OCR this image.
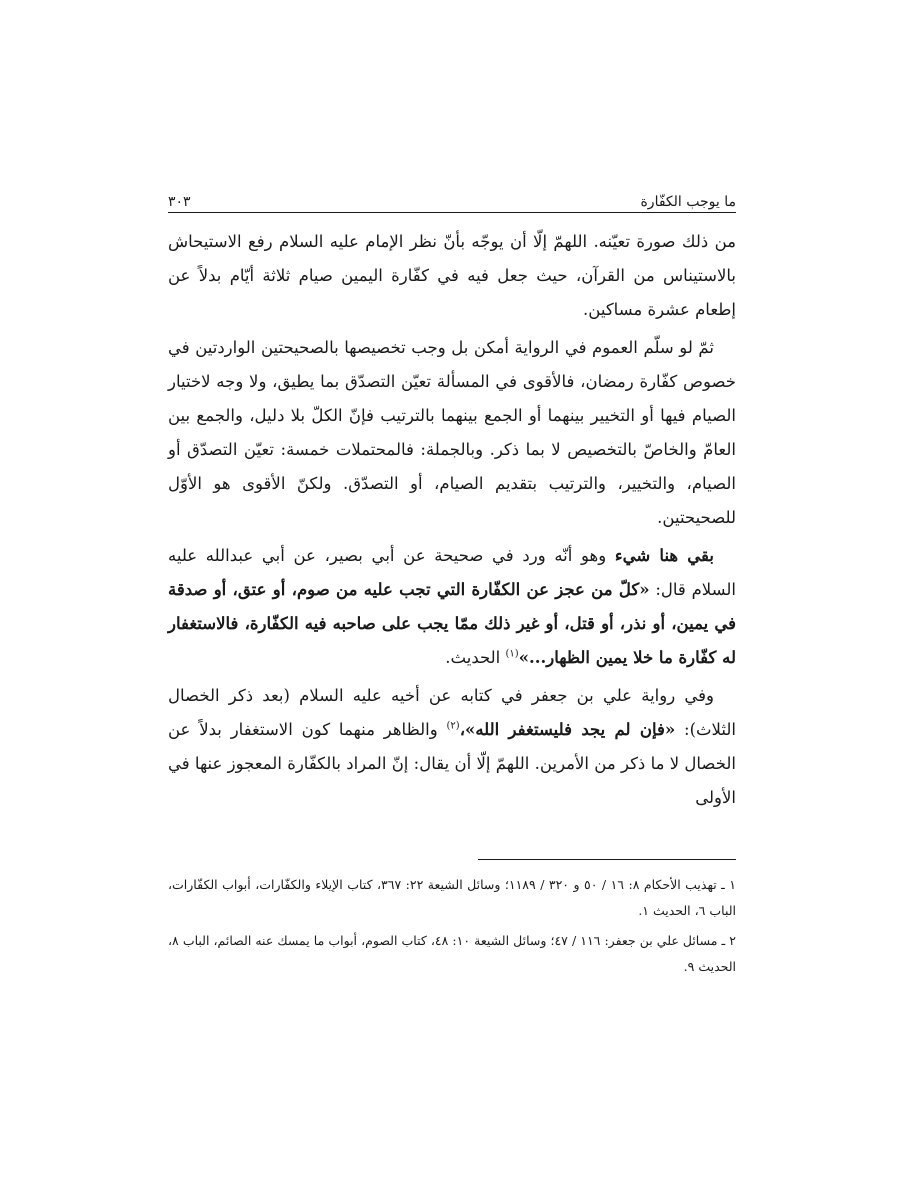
ما يوجب الكفّارة
٣٠٣

من ذلك صورة تعيّنه. اللهمّ إلّا أن يوجّه بأنّ نظر الإمام عليه السلام رفع الاستيحاش بالاستيناس من القرآن، حيث جعل فيه في كفّارة اليمين صيام ثلاثة أيّام بدلاً عن إطعام عشرة مساكين.

ثمّ لو سلّم العموم في الرواية أمكن بل وجب تخصيصها بالصحيحتين الواردتين في خصوص كفّارة رمضان، فالأقوى في المسألة تعيّن التصدّق بما يطيق، ولا وجه لاختيار الصيام فيها أو التخيير بينهما أو الجمع بينهما بالترتيب فإنّ الكلّ بلا دليل، والجمع بين العامّ والخاصّ بالتخصيص لا بما ذكر. وبالجملة: فالمحتملات خمسة: تعيّن التصدّق أو الصيام، والتخيير، والترتيب بتقديم الصيام، أو التصدّق. ولكنّ الأقوى هو الأوّل للصحيحتين.

بقي هنا شيء وهو أنّه ورد في صحيحة عن أبي بصير، عن أبي عبدالله عليه السلام قال: «كلّ من عجز عن الكفّارة التي تجب عليه من صوم، أو عتق، أو صدقة في يمين، أو نذر، أو قتل، أو غير ذلك ممّا يجب على صاحبه فيه الكفّارة، فالاستغفار له كفّارة ما خلا يمين الظهار...»$^{(١)}$ الحديث.

وفي رواية علي بن جعفر في كتابه عن أخيه عليه السلام (بعد ذكر الخصال الثلاث): «فإن لم يجد فليستغفر الله»،$^{(٢)}$ والظاهر منهما كون الاستغفار بدلاً عن الخصال لا ما ذكر من الأمرين. اللهمّ إلّا أن يقال: إنّ المراد بالكفّارة المعجوز عنها في الأولى

١ ـ تهذيب الأحكام ٨: ١٦ / ٥٠ و ٣٢٠ / ١١٨٩؛ وسائل الشيعة ٢٢: ٣٦٧، كتاب الإيلاء والكفّارات، أبواب الكفّارات، الباب ٦، الحديث ١.

٢ ـ مسائل علي بن جعفر: ١١٦ / ٤٧؛ وسائل الشيعة ١٠: ٤٨، كتاب الصوم، أبواب ما يمسك عنه الصائم، الباب ٨، الحديث ٩.
